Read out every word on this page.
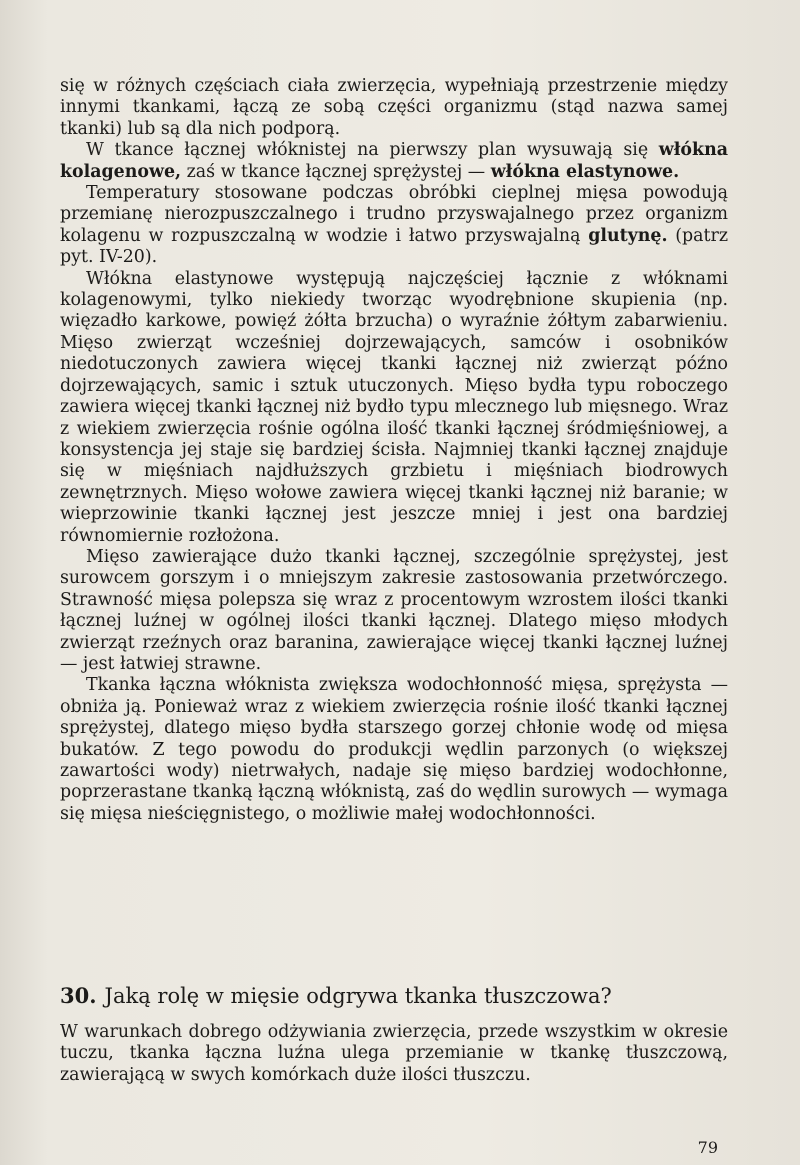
się w różnych częściach ciała zwierzęcia, wypełniają przestrzenie między innymi tkankami, łączą ze sobą części organizmu (stąd nazwa samej tkanki) lub są dla nich podporą.

W tkance łącznej włóknistej na pierwszy plan wysuwają się włókna kolagenowe, zaś w tkance łącznej sprężystej — włókna elastynowe.

Temperatury stosowane podczas obróbki cieplnej mięsa powodują przemianę nierozpuszczalnego i trudno przyswajalnego przez organizm kolagenu w rozpuszczalną w wodzie i łatwo przyswajalną glutynę. (patrz pyt. IV-20).

Włókna elastynowe występują najczęściej łącznie z włóknami kolagenowymi, tylko niekiedy tworząc wyodrębnione skupienia (np. więzadło karkowe, powięź żółta brzucha) o wyraźnie żółtym zabarwieniu. Mięso zwierząt wcześniej dojrzewających, samców i osobników niedotuczonych zawiera więcej tkanki łącznej niż zwierząt późno dojrzewających, samic i sztuk utuczonych. Mięso bydła typu roboczego zawiera więcej tkanki łącznej niż bydło typu mlecznego lub mięsnego. Wraz z wiekiem zwierzęcia rośnie ogólna ilość tkanki łącznej śródmięśniowej, a konsystencja jej staje się bardziej ścisła. Najmniej tkanki łącznej znajduje się w mięśniach najdłuższych grzbietu i mięśniach biodrowych zewnętrznych. Mięso wołowe zawiera więcej tkanki łącznej niż baranie; w wieprzowinie tkanki łącznej jest jeszcze mniej i jest ona bardziej równomiernie rozłożona.

Mięso zawierające dużo tkanki łącznej, szczególnie sprężystej, jest surowcem gorszym i o mniejszym zakresie zastosowania przetwórczego. Strawność mięsa polepsza się wraz z procentowym wzrostem ilości tkanki łącznej luźnej w ogólnej ilości tkanki łącznej. Dlatego mięso młodych zwierząt rzeźnych oraz baranina, zawierające więcej tkanki łącznej luźnej — jest łatwiej strawne.

Tkanka łączna włóknista zwiększa wodochłonność mięsa, sprężysta — obniża ją. Ponieważ wraz z wiekiem zwierzęcia rośnie ilość tkanki łącznej sprężystej, dlatego mięso bydła starszego gorzej chłonie wodę od mięsa bukatów. Z tego powodu do produkcji wędlin parzonych (o większej zawartości wody) nietrwałych, nadaje się mięso bardziej wodochłonne, poprzerastane tkanką łączną włóknistą, zaś do wędlin surowych — wymaga się mięsa nieścięgnistego, o możliwie małej wodochłonności.

30. Jaką rolę w mięsie odgrywa tkanka tłuszczowa?
W warunkach dobrego odżywiania zwierzęcia, przede wszystkim w okresie tuczu, tkanka łączna luźna ulega przemianie w tkankę tłuszczową, zawierającą w swych komórkach duże ilości tłuszczu.
79
